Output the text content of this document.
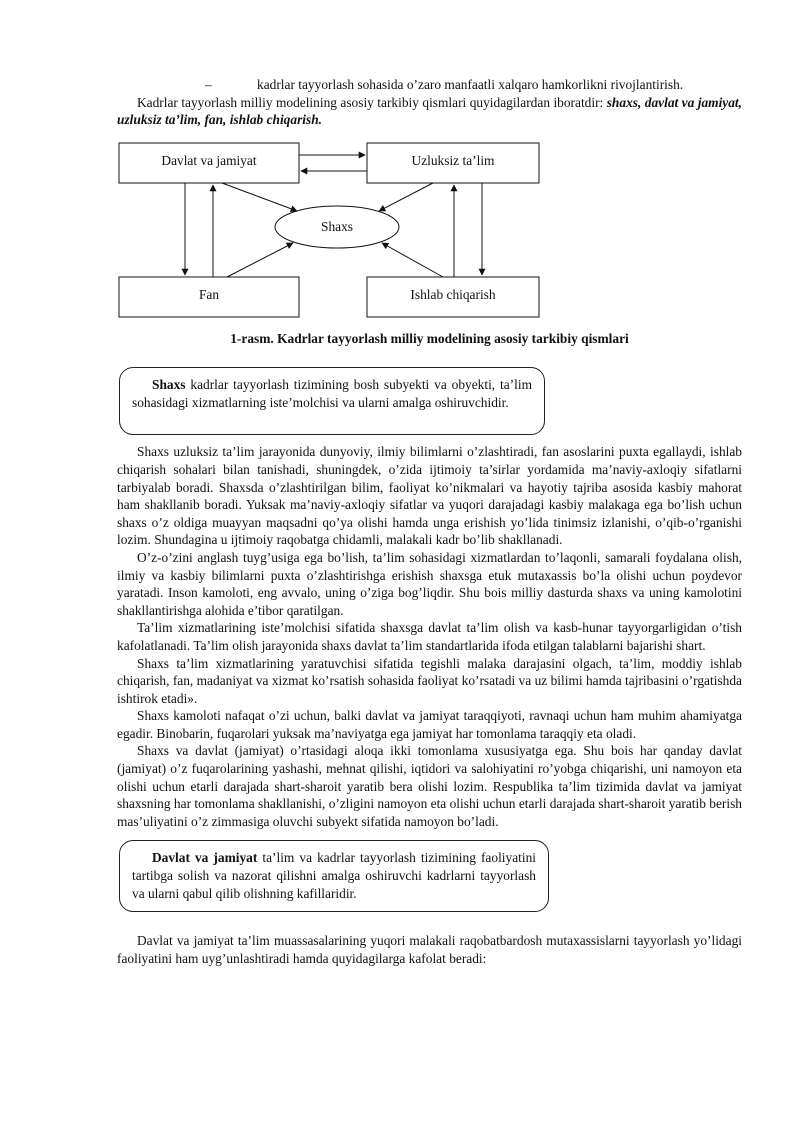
–	kadrlar tayyorlash sohasida o’zaro manfaatli xalqaro hamkorlikni rivojlantirish.

Kadrlar tayyorlash milliy modelining asosiy tarkibiy qismlari quyidagilardan iboratdir: shaxs, davlat va jamiyat, uzluksiz ta’lim, fan, ishlab chiqarish.

Davlat va jamiyat	Uzluksiz ta’lim
Shaxs
Fan	Ishlab chiqarish
1-rasm. Kadrlar tayyorlash milliy modelining asosiy tarkibiy qismlari

Shaxs kadrlar tayyorlash tizimining bosh subyekti va obyekti, ta’lim sohasidagi xizmatlarning iste’molchisi va ularni amalga oshiruvchidir.

Shaxs uzluksiz ta’lim jarayonida dunyoviy, ilmiy bilimlarni o’zlashtiradi, fan asoslarini puxta egallaydi, ishlab chiqarish sohalari bilan tanishadi, shuningdek, o’zida ijtimoiy ta’sirlar yordamida ma’naviy-axloqiy sifatlarni tarbiyalab boradi. Shaxsda o’zlashtirilgan bilim, faoliyat ko’nikmalari va hayotiy tajriba asosida kasbiy mahorat ham shakllanib boradi. Yuksak ma’naviy-axloqiy sifatlar va yuqori darajadagi kasbiy malakaga ega bo’lish uchun shaxs o’z oldiga muayyan maqsadni qo’ya olishi hamda unga erishish yo’lida tinimsiz izlanishi, o’qib-o’rganishi lozim. Shundagina u ijtimoiy raqobatga chidamli, malakali kadr bo’lib shakllanadi.

O’z-o’zini anglash tuyg’usiga ega bo’lish, ta’lim sohasidagi xizmatlardan to’laqonli, samarali foydalana olish, ilmiy va kasbiy bilimlarni puxta o’zlashtirishga erishish shaxsga etuk mutaxassis bo’la olishi uchun poydevor yaratadi. Inson kamoloti, eng avvalo, uning o’ziga bog’liqdir. Shu bois milliy dasturda shaxs va uning kamolotini shakllantirishga alohida e’tibor qaratilgan.

Ta’lim xizmatlarining iste’molchisi sifatida shaxsga davlat ta’lim olish va kasb-hunar tayyorgarligidan o’tish kafolatlanadi. Ta’lim olish jarayonida shaxs davlat ta’lim standartlarida ifoda etilgan talablarni bajarishi shart.

Shaxs ta’lim xizmatlarining yaratuvchisi sifatida tegishli malaka darajasini olgach, ta’lim, moddiy ishlab chiqarish, fan, madaniyat va xizmat ko’rsatish sohasida faoliyat ko’rsatadi va uz bilimi hamda tajribasini o’rgatishda ishtirok etadi».

Shaxs kamoloti nafaqat o’zi uchun, balki davlat va jamiyat taraqqiyoti, ravnaqi uchun ham muhim ahamiyatga egadir. Binobarin, fuqarolari yuksak ma’naviyatga ega jamiyat har tomonlama taraqqiy eta oladi.

Shaxs va davlat (jamiyat) o’rtasidagi aloqa ikki tomonlama xususiyatga ega. Shu bois har qanday davlat (jamiyat) o’z fuqarolarining yashashi, mehnat qilishi, iqtidori va salohiyatini ro’yobga chiqarishi, uni namoyon eta olishi uchun etarli darajada shart-sharoit yaratib bera olishi lozim. Respublika ta’lim tizimida davlat va jamiyat shaxsning har tomonlama shakllanishi, o’zligini namoyon eta olishi uchun etarli darajada shart-sharoit yaratib berish mas’uliyatini o’z zimmasiga oluvchi subyekt sifatida namoyon bo’ladi.

Davlat va jamiyat ta’lim va kadrlar tayyorlash tizimining faoliyatini tartibga solish va nazorat qilishni amalga oshiruvchi kadrlarni tayyorlash va ularni qabul qilib olishning kafillaridir.

Davlat va jamiyat ta’lim muassasalarining yuqori malakali raqobatbardosh mutaxassislarni tayyorlash yo’lidagi faoliyatini ham uyg’unlashtiradi hamda quyidagilarga kafolat beradi:
